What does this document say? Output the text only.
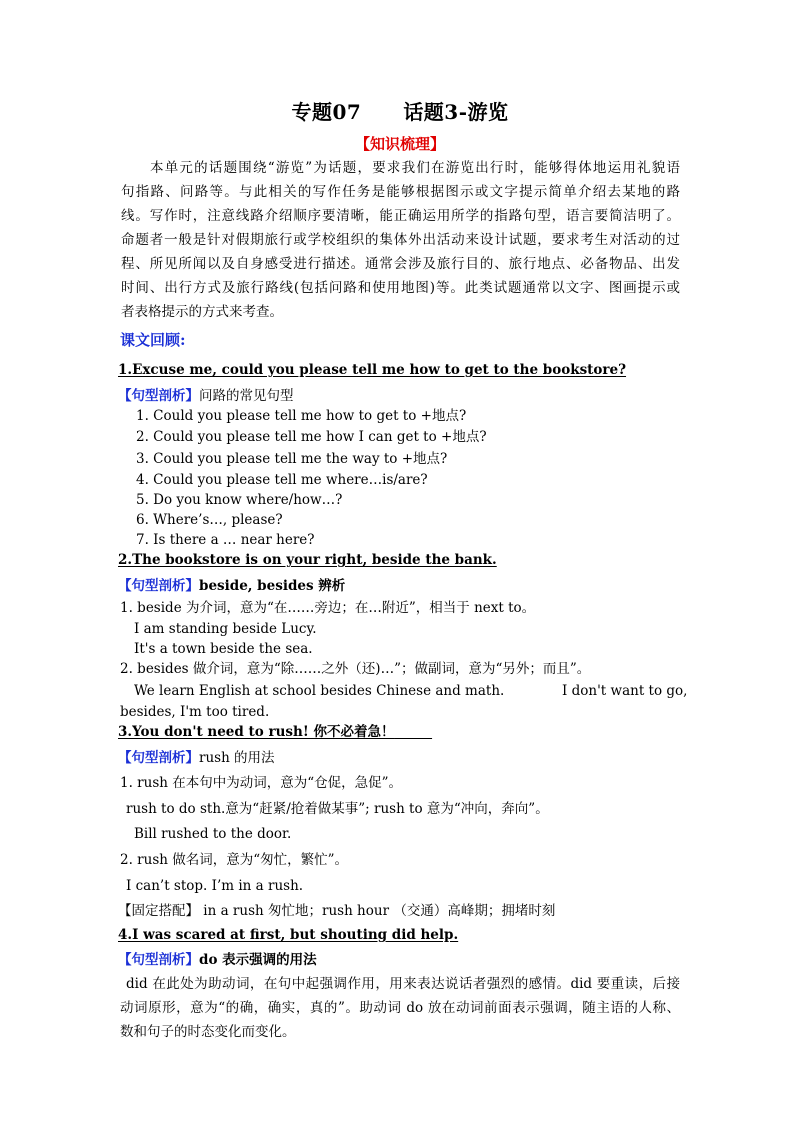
专题07 话题3-游览
【知识梳理】
本单元的话题围绕“游览”为话题，要求我们在游览出行时，能够得体地运用礼貌语
句指路、问路等。与此相关的写作任务是能够根据图示或文字提示简单介绍去某地的路
线。写作时，注意线路介绍顺序要清晰，能正确运用所学的指路句型，语言要简洁明了。
命题者一般是针对假期旅行或学校组织的集体外出活动来设计试题，要求考生对活动的过
程、所见所闻以及自身感受进行描述。通常会涉及旅行目的、旅行地点、必备物品、出发
时间、出行方式及旅行路线(包括问路和使用地图)等。此类试题通常以文字、图画提示或
者表格提示的方式来考查。
课文回顾:
1.Excuse me, could you please tell me how to get to the bookstore?
【句型剖析】问路的常见句型
1. Could you please tell me how to get to +地点?
2. Could you please tell me how I can get to +地点?
3. Could you please tell me the way to +地点?
4. Could you please tell me where…is/are?
5. Do you know where/how…?
6. Where’s…, please?
7. Is there a … near here?
2.The bookstore is on your right, beside the bank.
【句型剖析】beside, besides 辨析
1. beside 为介词，意为“在……旁边；在…附近”，相当于 next to。
I am standing beside Lucy.
It's a town beside the sea.
2. besides 做介词，意为“除……之外（还)…”；做副词，意为“另外；而且”。
We learn English at school besides Chinese and math.	I don't want to go,
besides, I'm too tired.
3.You don't need to rush! 你不必着急！
【句型剖析】rush 的用法
1. rush 在本句中为动词，意为“仓促，急促”。
rush to do sth.意为“赶紧/抢着做某事”; rush to 意为“冲向，奔向”。
Bill rushed to the door.
2. rush 做名词，意为“匆忙，繁忙”。
I can’t stop. I’m in a rush.
【固定搭配】 in a rush 匆忙地；rush hour （交通）高峰期；拥堵时刻
4.I was scared at first, but shouting did help.
【句型剖析】do 表示强调的用法
did 在此处为助动词，在句中起强调作用，用来表达说话者强烈的感情。did 要重读，后接
动词原形，意为“的确，确实，真的”。助动词 do 放在动词前面表示强调，随主语的人称、
数和句子的时态变化而变化。
